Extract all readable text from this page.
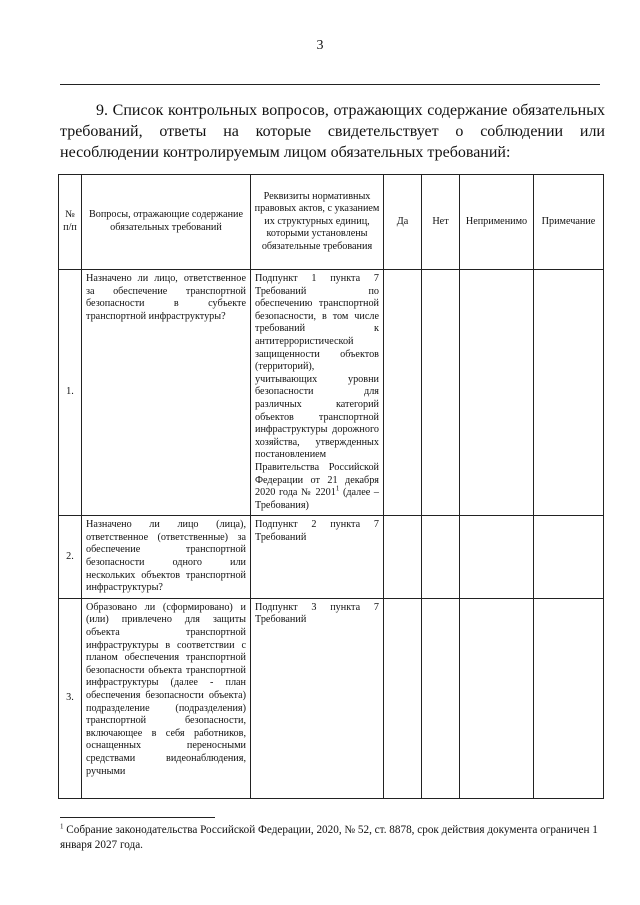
3

9. Список контрольных вопросов, отражающих содержание обязательных требований, ответы на которые свидетельствует о соблюдении или несоблюдении контролируемым лицом обязательных требований:

№ п/п	Вопросы, отражающие содержание обязательных требований	Реквизиты нормативных правовых актов, с указанием их структурных единиц, которыми установлены обязательные требования	Да	Нет	Неприменимо	Примечание
1.	Назначено ли лицо, ответственное за обеспечение транспортной безопасности в субъекте транспортной инфраструктуры?	Подпункт 1 пункта 7 Требований по обеспечению транспортной безопасности, в том числе требований к антитеррористической защищенности объектов (территорий), учитывающих уровни безопасности для различных категорий объектов транспортной инфраструктуры дорожного хозяйства, утвержденных постановлением Правительства Российской Федерации от 21 декабря 2020 года № 2201$^1$ (далее – Требования)				
2.	Назначено ли лицо (лица), ответственное (ответственные) за обеспечение транспортной безопасности одного или нескольких объектов транспортной инфраструктуры?	Подпункт 2 пункта 7 Требований				
3.	Образовано ли (сформировано) и (или) привлечено для защиты объекта транспортной инфраструктуры в соответствии с планом обеспечения транспортной безопасности объекта транспортной инфраструктуры (далее - план обеспечения безопасности объекта) подразделение (подразделения) транспортной безопасности, включающее в себя работников, оснащенных переносными средствами видеонаблюдения, ручными	Подпункт 3 пункта 7 Требований				

$^1$ Собрание законодательства Российской Федерации, 2020, № 52, ст. 8878, срок действия документа ограничен 1 января 2027 года.
